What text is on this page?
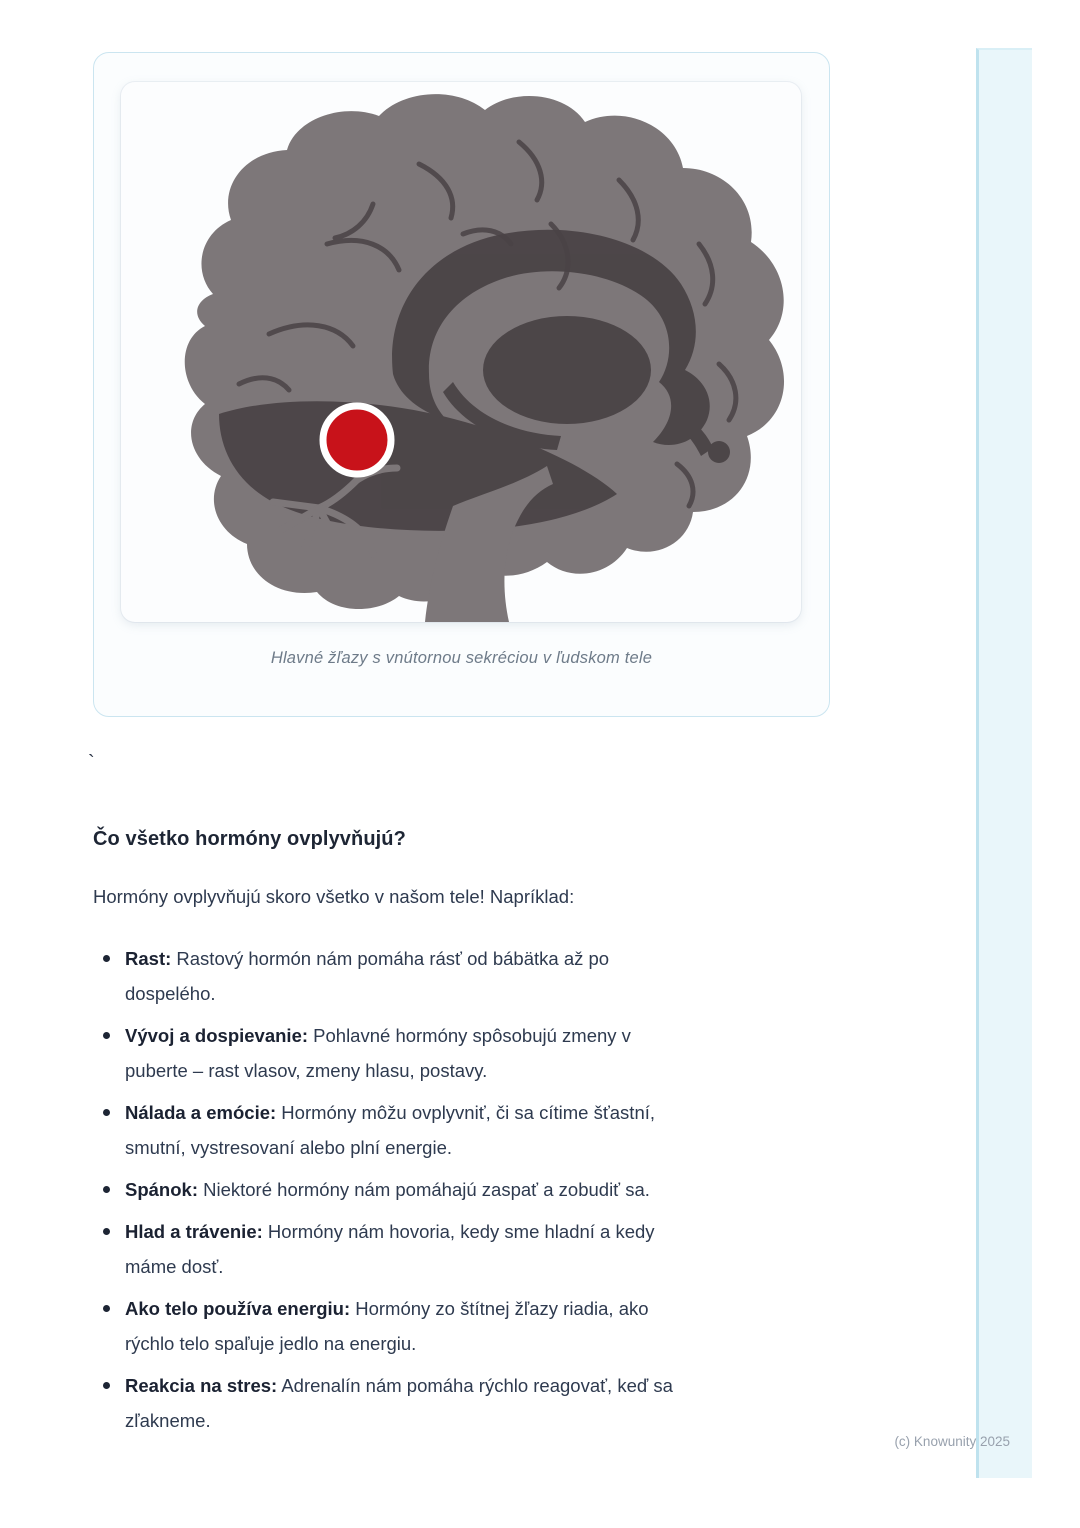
Hlavné žľazy s vnútornou sekréciou v ľudskom tele
`
Čo všetko hormóny ovplyvňujú?
Hormóny ovplyvňujú skoro všetko v našom tele! Napríklad:
Rast: Rastový hormón nám pomáha rásť od bábätka až po dospelého.
Vývoj a dospievanie: Pohlavné hormóny spôsobujú zmeny v puberte – rast vlasov, zmeny hlasu, postavy.
Nálada a emócie: Hormóny môžu ovplyvniť, či sa cítime šťastní, smutní, vystresovaní alebo plní energie.
Spánok: Niektoré hormóny nám pomáhajú zaspať a zobudiť sa.
Hlad a trávenie: Hormóny nám hovoria, kedy sme hladní a kedy máme dosť.
Ako telo používa energiu: Hormóny zo štítnej žľazy riadia, ako rýchlo telo spaľuje jedlo na energiu.
Reakcia na stres: Adrenalín nám pomáha rýchlo reagovať, keď sa zľakneme.
(c) Knowunity 2025
